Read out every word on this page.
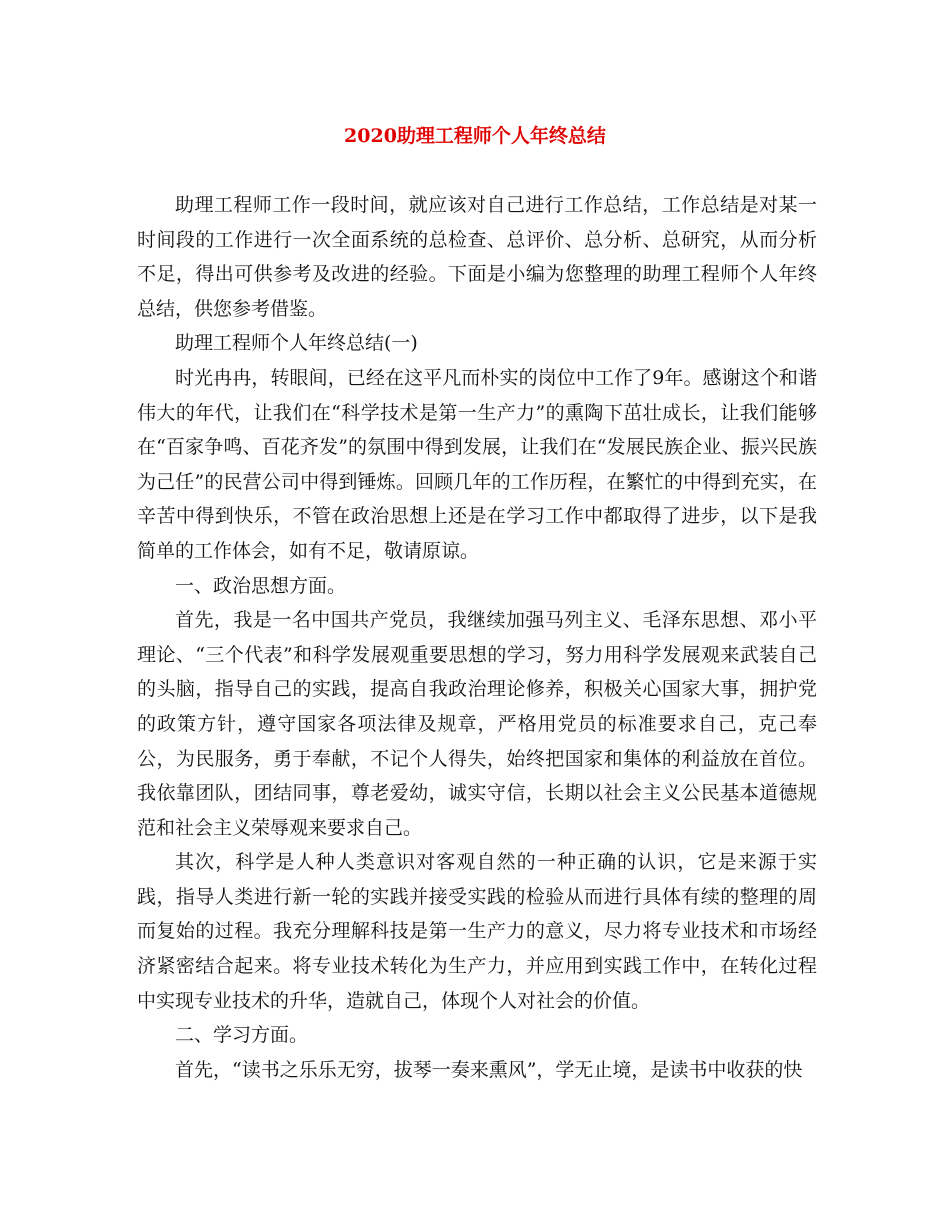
2020助理工程师个人年终总结

助理工程师工作一段时间，就应该对自己进行工作总结，工作总结是对某一时间段的工作进行一次全面系统的总检查、总评价、总分析、总研究，从而分析不足，得出可供参考及改进的经验。下面是小编为您整理的助理工程师个人年终总结，供您参考借鉴。

助理工程师个人年终总结(一)

时光冉冉，转眼间，已经在这平凡而朴实的岗位中工作了9年。感谢这个和谐伟大的年代，让我们在“科学技术是第一生产力”的熏陶下茁壮成长，让我们能够在“百家争鸣、百花齐发”的氛围中得到发展，让我们在“发展民族企业、振兴民族为己任”的民营公司中得到锤炼。回顾几年的工作历程，在繁忙的中得到充实，在辛苦中得到快乐，不管在政治思想上还是在学习工作中都取得了进步，以下是我简单的工作体会，如有不足，敬请原谅。

一、政治思想方面。

首先，我是一名中国共产党员，我继续加强马列主义、毛泽东思想、邓小平理论、“三个代表”和科学发展观重要思想的学习，努力用科学发展观来武装自己的头脑，指导自己的实践，提高自我政治理论修养，积极关心国家大事，拥护党的政策方针，遵守国家各项法律及规章，严格用党员的标准要求自己，克己奉公，为民服务，勇于奉献，不记个人得失，始终把国家和集体的利益放在首位。我依靠团队，团结同事，尊老爱幼，诚实守信，长期以社会主义公民基本道德规范和社会主义荣辱观来要求自己。

其次，科学是人种人类意识对客观自然的一种正确的认识，它是来源于实践，指导人类进行新一轮的实践并接受实践的检验从而进行具体有续的整理的周而复始的过程。我充分理解科技是第一生产力的意义，尽力将专业技术和市场经济紧密结合起来。将专业技术转化为生产力，并应用到实践工作中，在转化过程中实现专业技术的升华，造就自己，体现个人对社会的价值。

二、学习方面。

首先，“读书之乐乐无穷，拔琴一奏来熏风”，学无止境，是读书中收获的快
